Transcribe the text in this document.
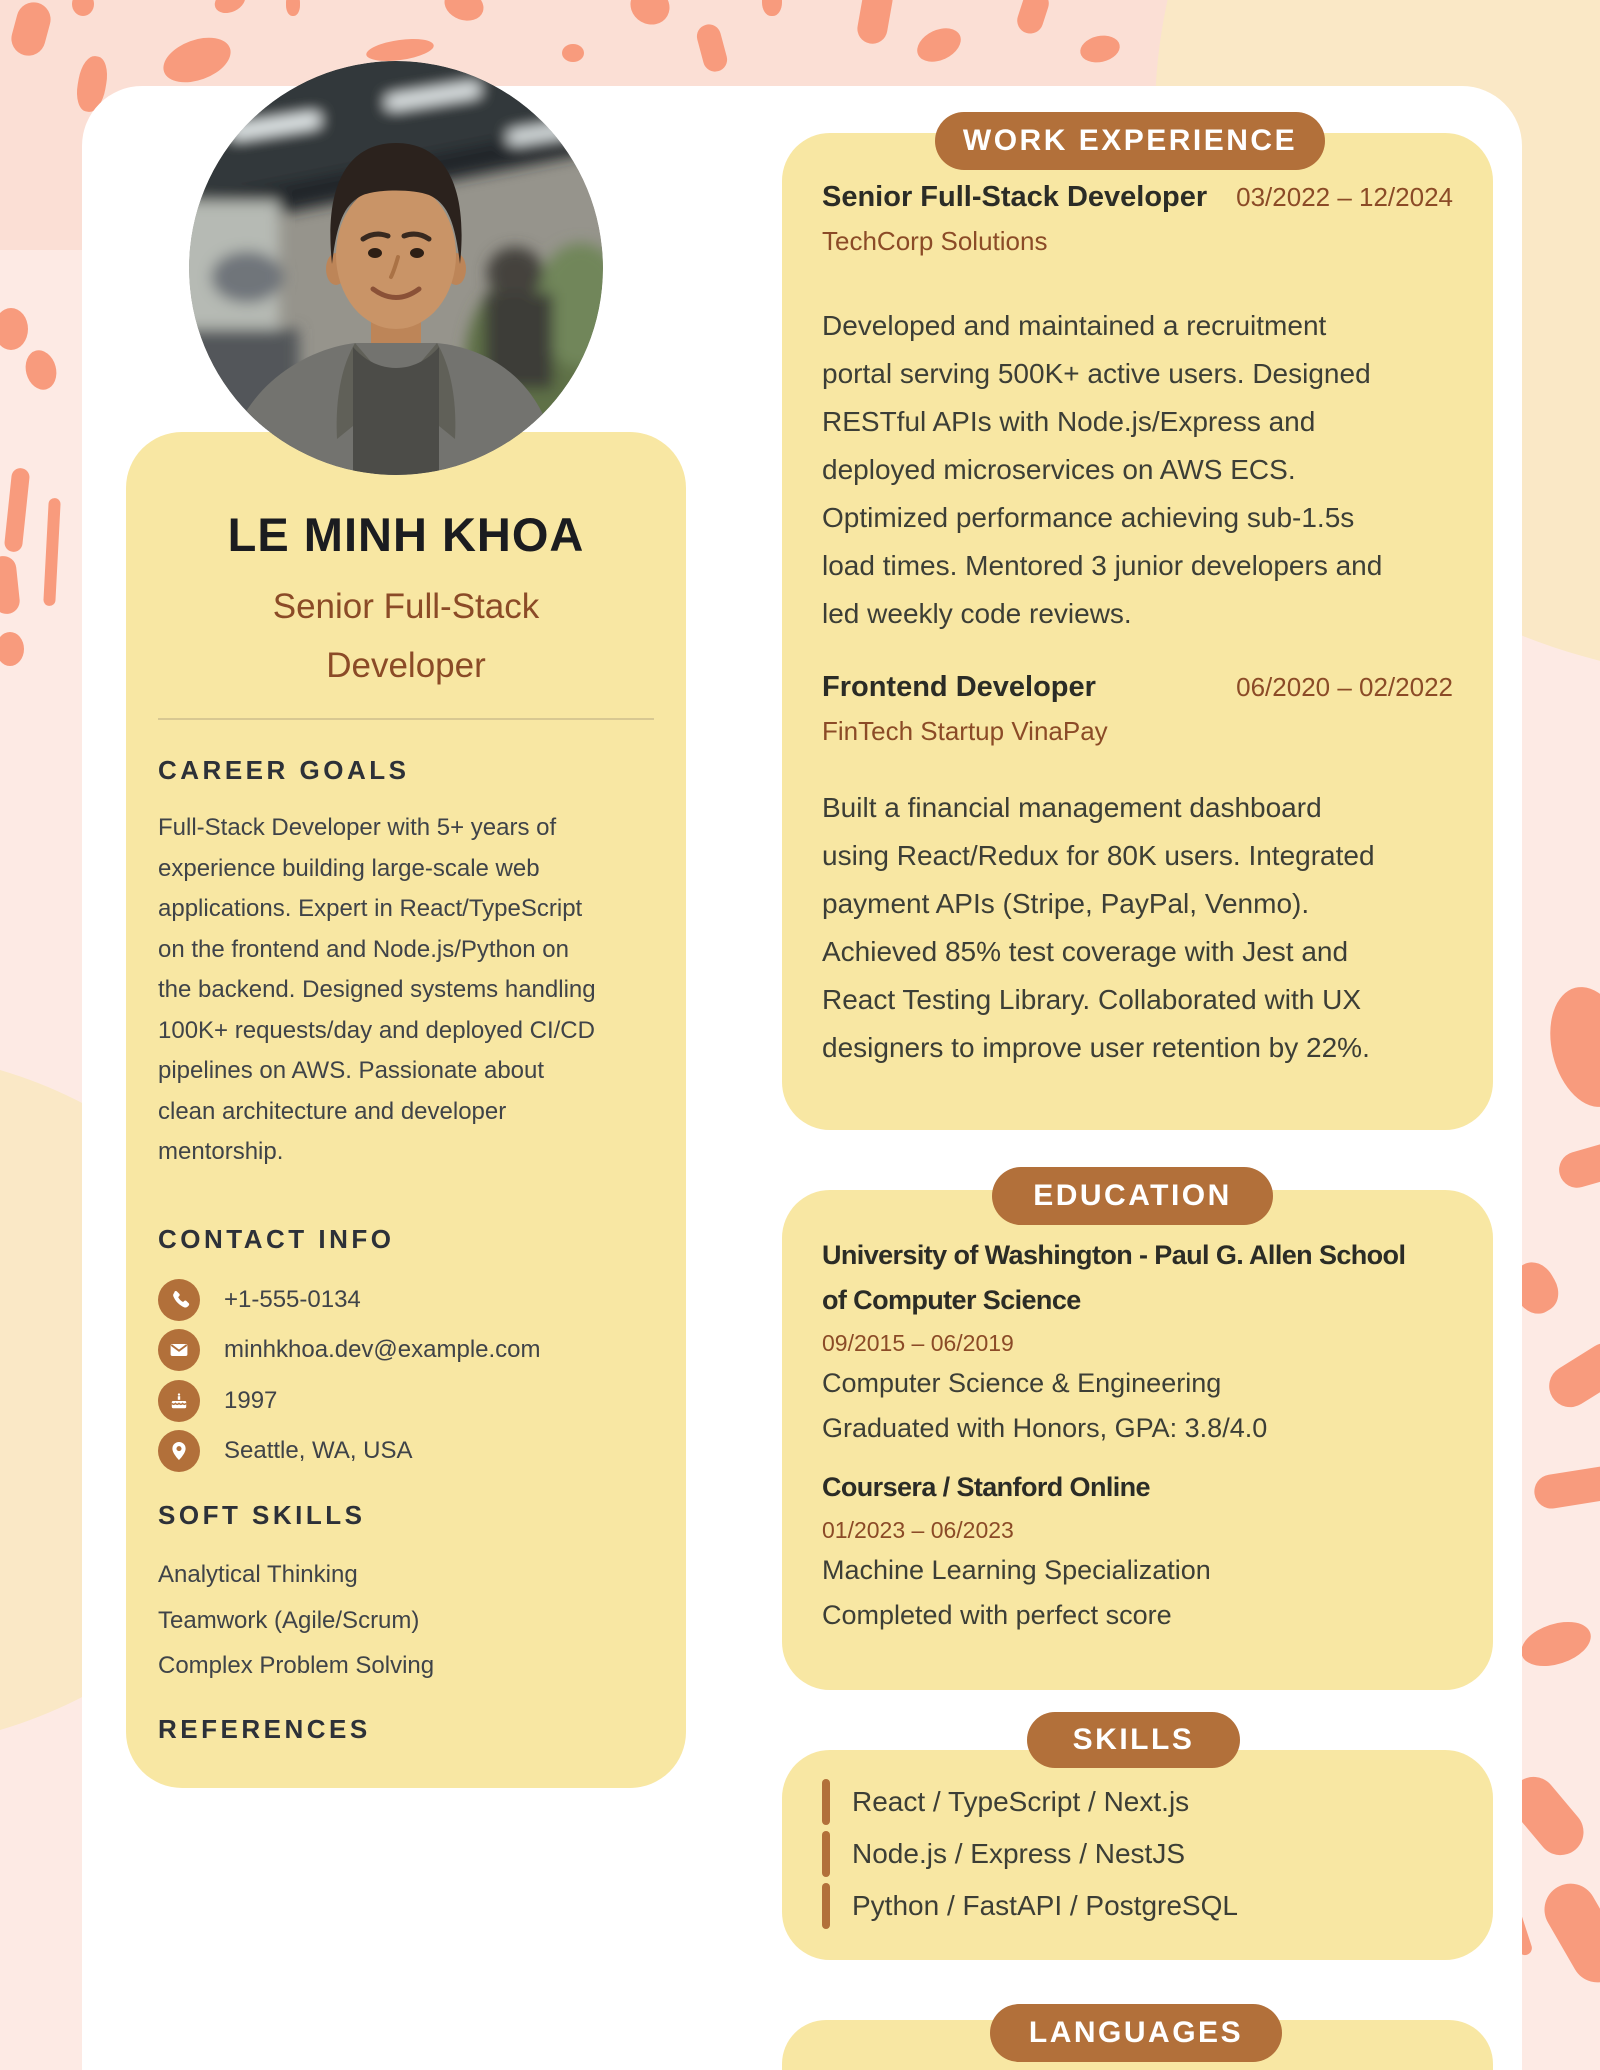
LE MINH KHOA
Senior Full-Stack
Developer
CAREER GOALS
Full-Stack Developer with 5+ years of
experience building large-scale web
applications. Expert in React/TypeScript
on the frontend and Node.js/Python on
the backend. Designed systems handling
100K+ requests/day and deployed CI/CD
pipelines on AWS. Passionate about
clean architecture and developer
mentorship.
CONTACT INFO
+1-555-0134
minhkhoa.dev@example.com
1997
Seattle, WA, USA
SOFT SKILLS
Analytical Thinking
Teamwork (Agile/Scrum)
Complex Problem Solving
REFERENCES
Senior Full-Stack Developer 03/2022 – 12/2024
TechCorp Solutions
Developed and maintained a recruitment
portal serving 500K+ active users. Designed
RESTful APIs with Node.js/Express and
deployed microservices on AWS ECS.
Optimized performance achieving sub-1.5s
load times. Mentored 3 junior developers and
led weekly code reviews.
Frontend Developer	06/2020 – 02/2022
FinTech Startup VinaPay
Built a financial management dashboard
using React/Redux for 80K users. Integrated
payment APIs (Stripe, PayPal, Venmo).
Achieved 85% test coverage with Jest and
React Testing Library. Collaborated with UX
designers to improve user retention by 22%.
University of Washington - Paul G. Allen School
of Computer Science
09/2015 – 06/2019
Computer Science & Engineering
Graduated with Honors, GPA: 3.8/4.0
Coursera / Stanford Online
01/2023 – 06/2023
Machine Learning Specialization
Completed with perfect score
React / TypeScript / Next.js
Node.js / Express / NestJS
Python / FastAPI / PostgreSQL
WORK EXPERIENCE
EDUCATION
SKILLS
LANGUAGES
